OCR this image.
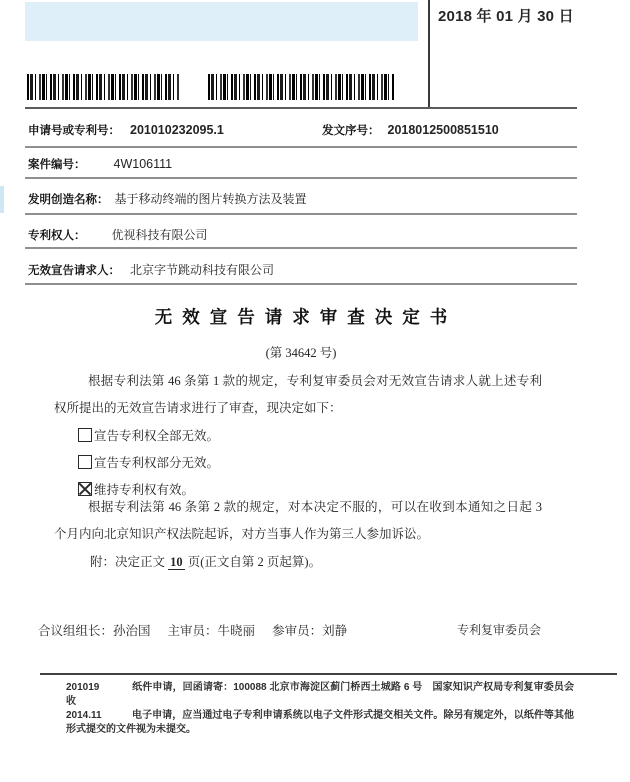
2018 年 01 月 30 日
申请号或专利号： 201010232095.1	发文序号： 2018012500851510
案件编号： 4W106111
发明创造名称： 基于移动终端的图片转换方法及装置
专利权人： 优视科技有限公司
无效宣告请求人： 北京字节跳动科技有限公司
无效宣告请求审查决定书
(第 34642 号)
根据专利法第 46 条第 1 款的规定，专利复审委员会对无效宣告请求人就上述专利权所提出的无效宣告请求进行了审查，现决定如下：
宣告专利权全部无效。
宣告专利权部分无效。
维持专利权有效。
根据专利法第 46 条第 2 款的规定，对本决定不服的，可以在收到本通知之日起 3 个月内向北京知识产权法院起诉，对方当事人作为第三人参加诉讼。
附：决定正文 10 页(正文自第 2 页起算)。
合议组组长：孙治国 主审员：牛晓丽 参审员：刘静	专利复审委员会

201019	纸件申请，回函请寄：100088 北京市海淀区蓟门桥西土城路 6 号　国家知识产权局专利复审委员会收

2014.11	电子申请，应当通过电子专利申请系统以电子文件形式提交相关文件。除另有规定外，以纸件等其他形式提交的文件视为未提交。
